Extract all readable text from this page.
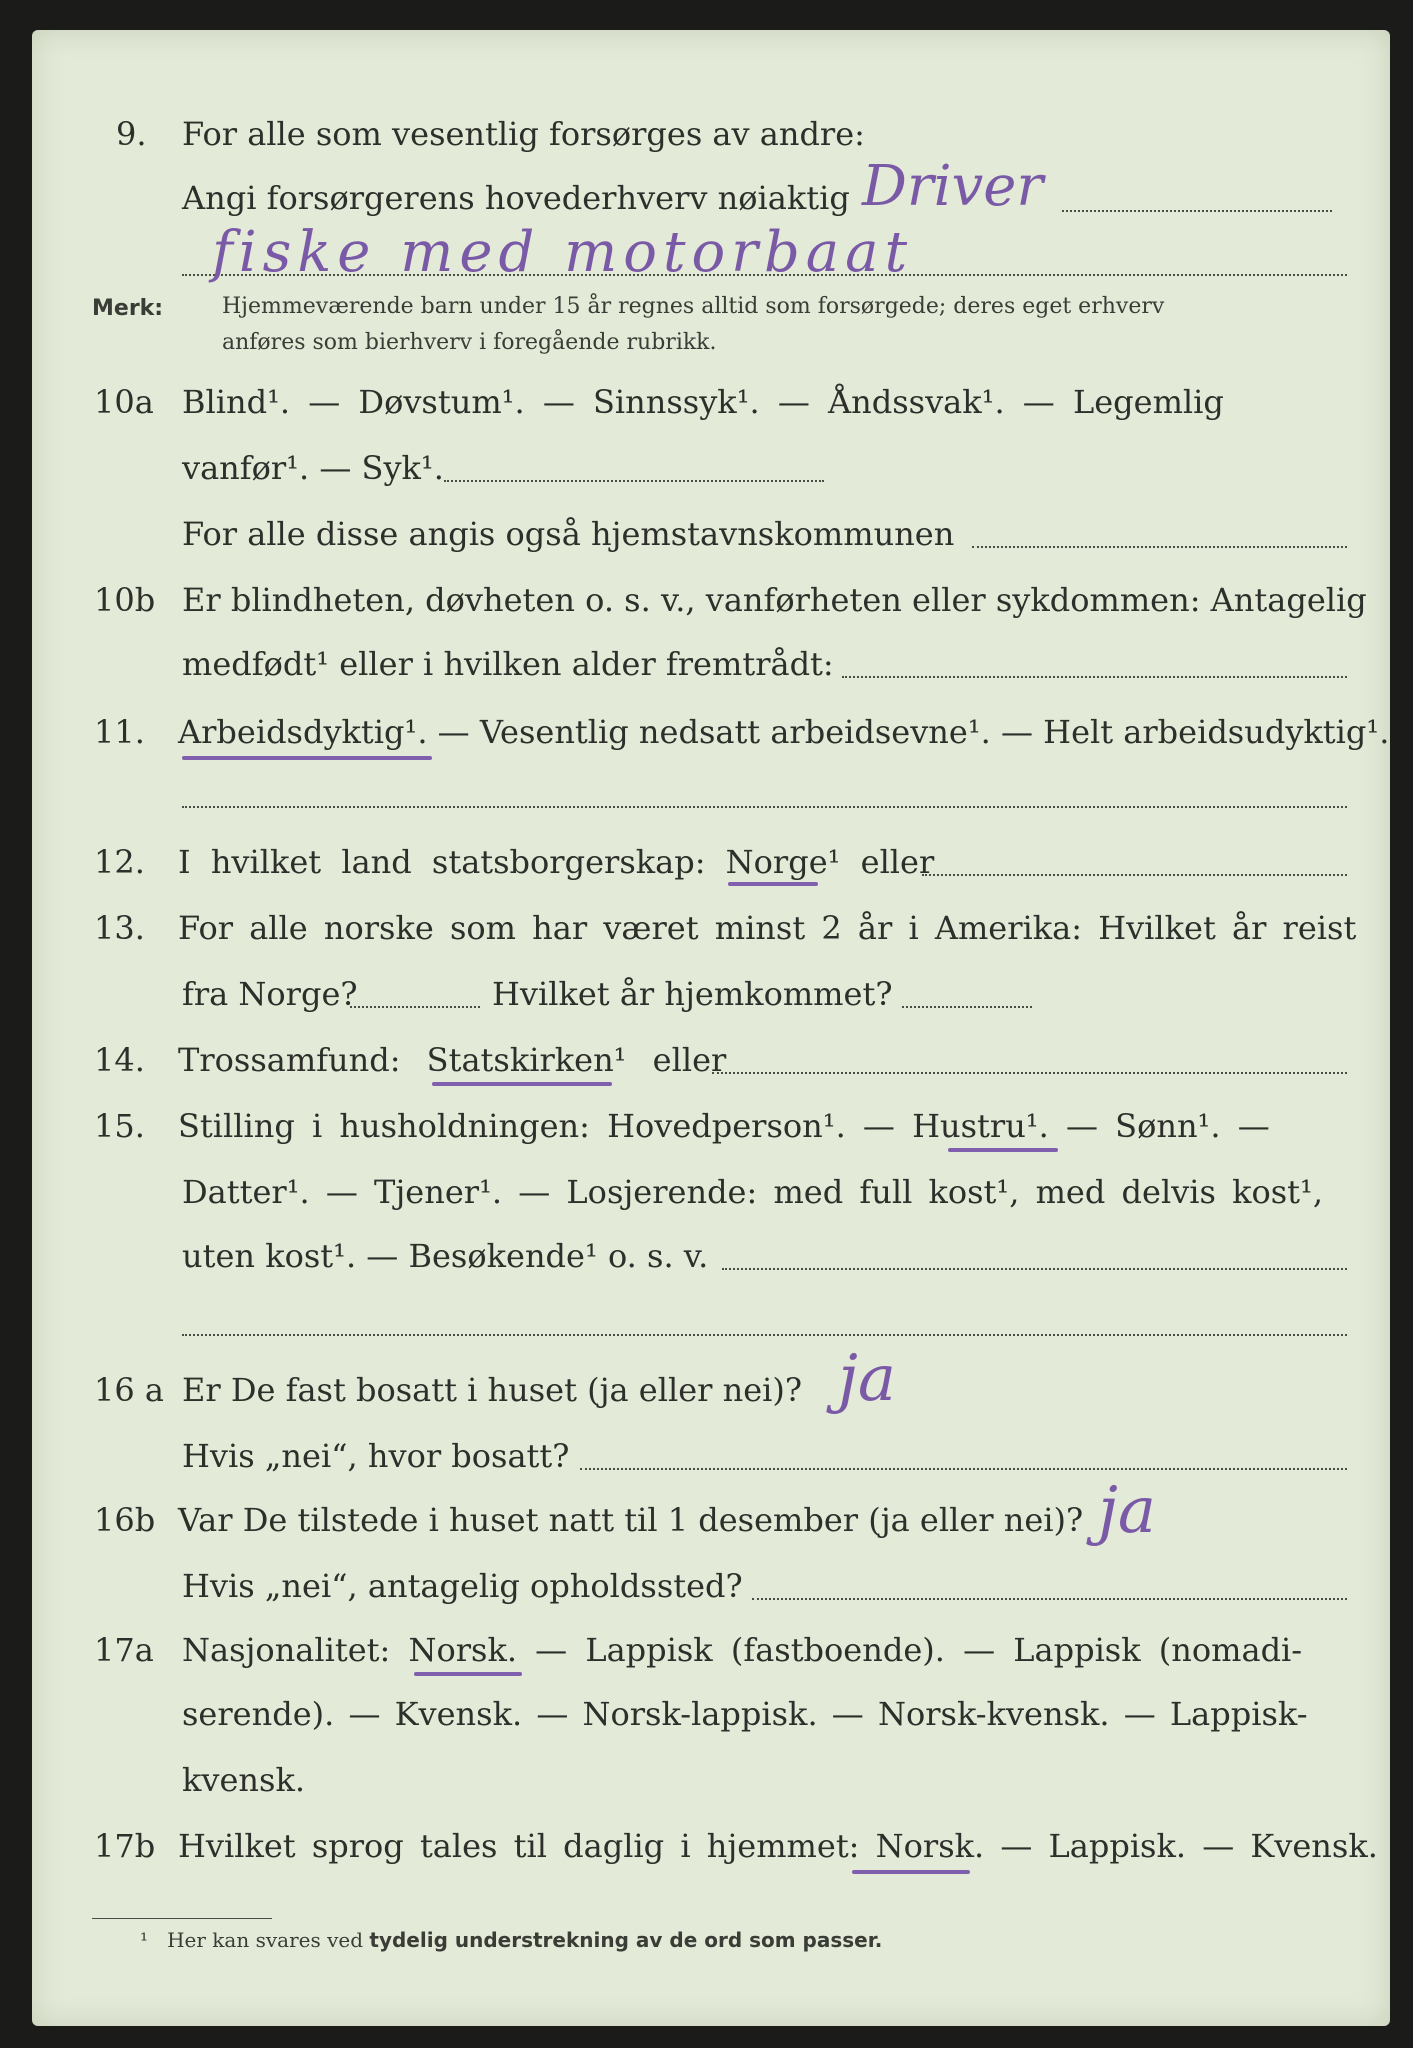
9. For alle som vesentlig forsørges av andre:
Angi forsørgerens hovederhverv nøiaktig Driver
fiske med motorbaat
Merk:	Hjemmeværende barn under 15 år regnes alltid som forsørgede; deres eget erhverv
anføres som bierhverv i foregående rubrikk.
10a Blind¹. — Døvstum¹. — Sinnssyk¹. — Åndssvak¹. — Legemlig
vanfør¹. — Syk¹.
For alle disse angis også hjemstavnskommunen
10b Er blindheten, døvheten o. s. v., vanførheten eller sykdommen: Antagelig
medfødt¹ eller i hvilken alder fremtrådt:
11. Arbeidsdyktig¹. — Vesentlig nedsatt arbeidsevne¹. — Helt arbeidsudyktig¹.
12. I hvilket land statsborgerskap: Norge¹ eller
13. For alle norske som har været minst 2 år i Amerika: Hvilket år reist
fra Norge?	Hvilket år hjemkommet?
14. Trossamfund: Statskirken¹ eller
15. Stilling i husholdningen: Hovedperson¹. — Hustru¹. — Sønn¹. —
Datter¹. — Tjener¹. — Losjerende: med full kost¹, med delvis kost¹,
uten kost¹. — Besøkende¹ o. s. v.
16 a Er De fast bosatt i huset (ja eller nei)? ja
Hvis „nei“, hvor bosatt?
16b Var De tilstede i huset natt til 1 desember (ja eller nei)? ja
Hvis „nei“, antagelig opholdssted?
17a Nasjonalitet: Norsk. — Lappisk (fastboende). — Lappisk (nomadi-
serende). — Kvensk. — Norsk-lappisk. — Norsk-kvensk. — Lappisk-
kvensk.
17b Hvilket sprog tales til daglig i hjemmet: Norsk. — Lappisk. — Kvensk.
¹ Her kan svares ved tydelig understrekning av de ord som passer.
